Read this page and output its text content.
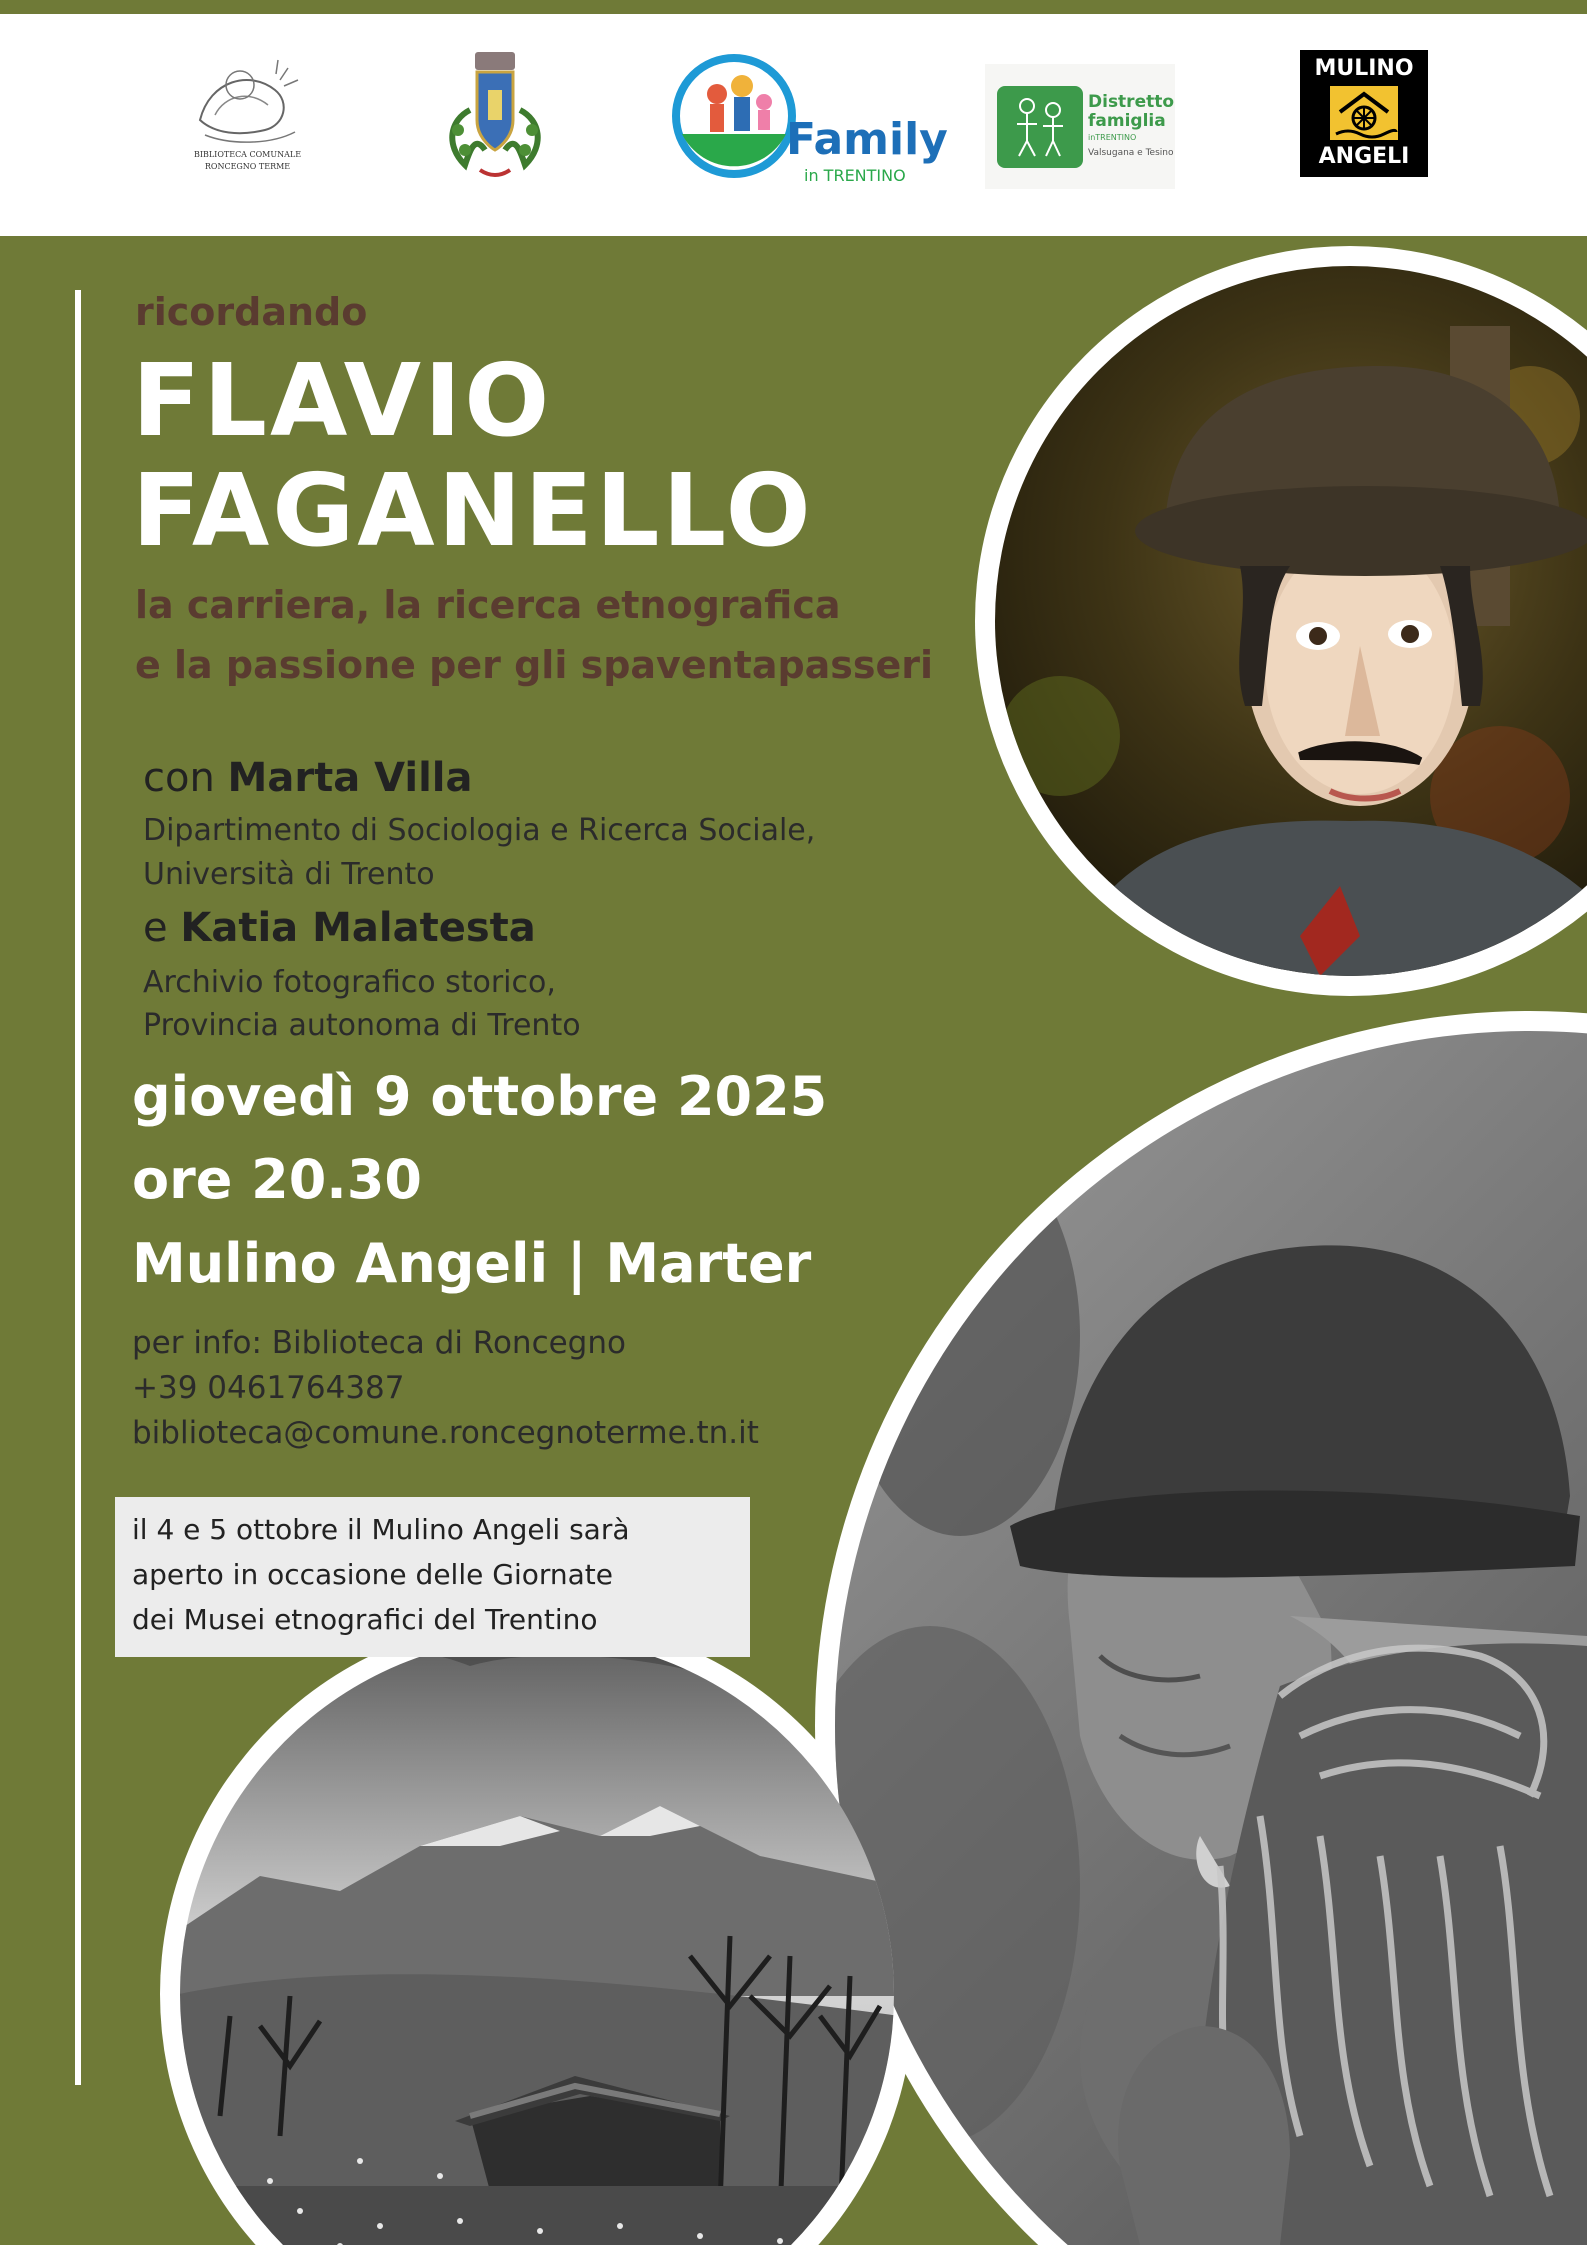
BIBLIOTECA COMUNALE
RONCEGNO TERME
Family
in TRENTINO
Distretto
famiglia
inTRENTINO
Valsugana e Tesino
MULINO
ANGELI
ricordando
FLAVIO
FAGANELLO
la carriera, la ricerca etnografica
e la passione per gli spaventapasseri
con Marta Villa
Dipartimento di Sociologia e Ricerca Sociale,
Università di Trento
e Katia Malatesta
Archivio fotografico storico,
Provincia autonoma di Trento
giovedì 9 ottobre 2025
ore 20.30
Mulino Angeli | Marter
per info: Biblioteca di Roncegno
+39 0461764387
biblioteca@comune.roncegnoterme.tn.it
il 4 e 5 ottobre il Mulino Angeli sarà
aperto in occasione delle Giornate
dei Musei etnografici del Trentino
